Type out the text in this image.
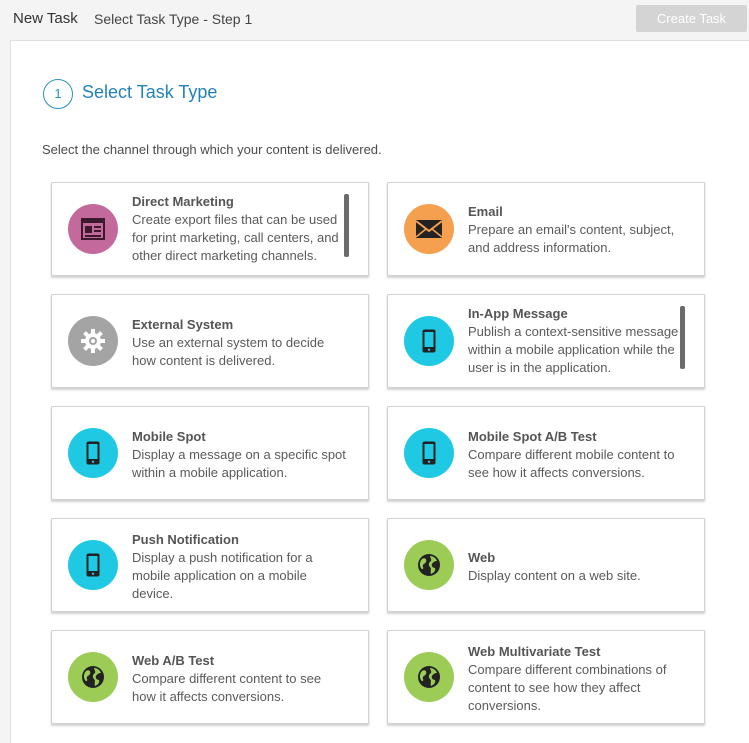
New Task Select Task Type - Step 1	Create Task
1	Select Task Type
Select the channel through which your content is delivered.
Direct Marketing
Create export files that can be used for print marketing, call centers, and other direct marketing channels.
Email
Prepare an email's content, subject, and address information.
External System
Use an external system to decide how content is delivered.
In-App Message
Publish a context-sensitive message within a mobile application while the user is in the application.
Mobile Spot
Display a message on a specific spot within a mobile application.
Mobile Spot A/B Test
Compare different mobile content to see how it affects conversions.
Push Notification
Display a push notification for a mobile application on a mobile device.
Web
Display content on a web site.
Web A/B Test
Compare different content to see how it affects conversions.
Web Multivariate Test
Compare different combinations of content to see how they affect conversions.
